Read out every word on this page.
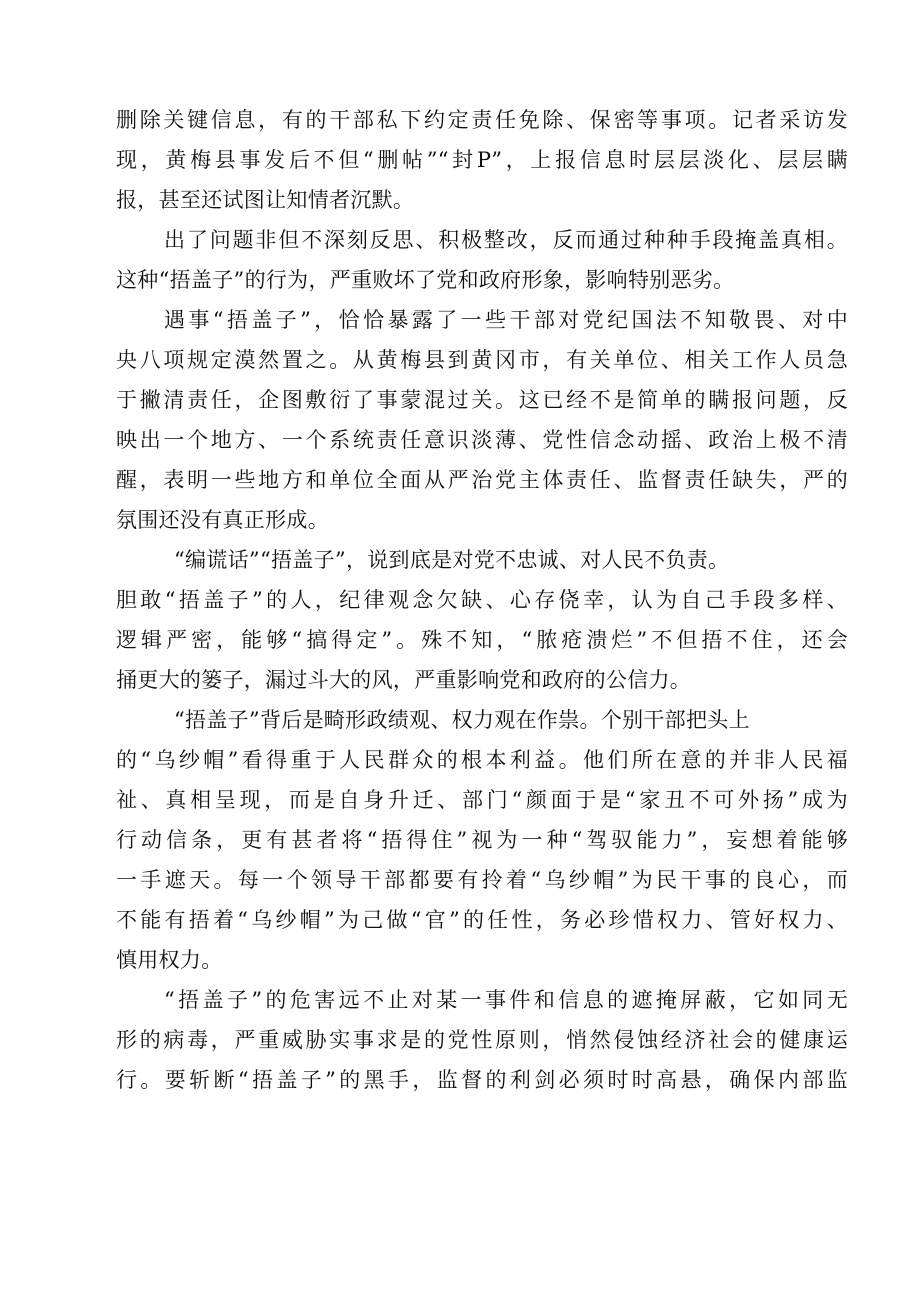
删除关键信息，有的干部私下约定责任免除、保密等事项。记者采访发
现，黄梅县事发后不但“删帖”“封P”，上报信息时层层淡化、层层瞒
报，甚至还试图让知情者沉默。
出了问题非但不深刻反思、积极整改，反而通过种种手段掩盖真相。
这种“捂盖子”的行为，严重败坏了党和政府形象，影响特别恶劣。
遇事“捂盖子”，恰恰暴露了一些干部对党纪国法不知敬畏、对中
央八项规定漠然置之。从黄梅县到黄冈市，有关单位、相关工作人员急
于撇清责任，企图敷衍了事蒙混过关。这已经不是简单的瞒报问题，反
映出一个地方、一个系统责任意识淡薄、党性信念动摇、政治上极不清
醒，表明一些地方和单位全面从严治党主体责任、监督责任缺失，严的
氛围还没有真正形成。
“编谎话”“捂盖子”，说到底是对党不忠诚、对人民不负责。
胆敢“捂盖子”的人，纪律观念欠缺、心存侥幸，认为自己手段多样、
逻辑严密，能够“搞得定”。殊不知，“脓疮溃烂”不但捂不住，还会
捅更大的篓子，漏过斗大的风，严重影响党和政府的公信力。
“捂盖子”背后是畸形政绩观、权力观在作祟。个别干部把头上
的“乌纱帽”看得重于人民群众的根本利益。他们所在意的并非人民福
祉、真相呈现，而是自身升迁、部门“颜面于是“家丑不可外扬”成为
行动信条，更有甚者将“捂得住”视为一种“驾驭能力”，妄想着能够
一手遮天。每一个领导干部都要有拎着“乌纱帽”为民干事的良心，而
不能有捂着“乌纱帽”为己做“官”的任性，务必珍惜权力、管好权力、
慎用权力。
“捂盖子”的危害远不止对某一事件和信息的遮掩屏蔽，它如同无
形的病毒，严重威胁实事求是的党性原则，悄然侵蚀经济社会的健康运
行。要斩断“捂盖子”的黑手，监督的利剑必须时时高悬，确保内部监
